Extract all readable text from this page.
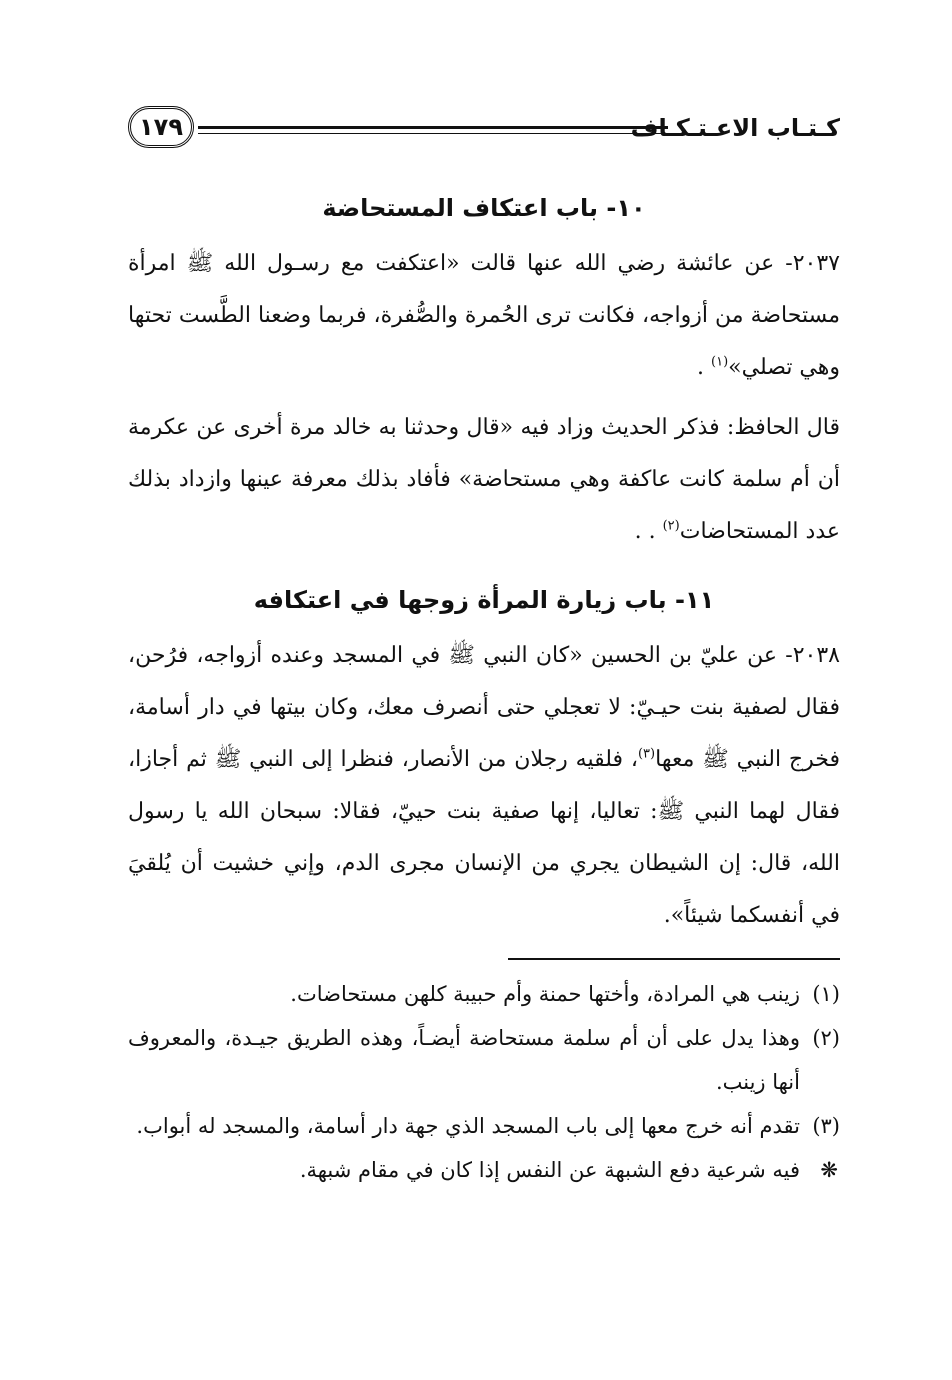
كـتـاب الاعـتـكـاف
١٧٩
١٠- باب اعتكاف المستحاضة

٢٠٣٧- عن عائشة رضي الله عنها قالت «اعتكفت مع رسـول الله ﷺ امرأة مستحاضة من أزواجه، فكانت ترى الحُمرة والصُّفرة، فربما وضعنا الطَّست تحتها وهي تصلي»$^{(١)}$ .

قال الحافظ: فذكر الحديث وزاد فيه «قال وحدثنا به خالد مرة أخرى عن عكرمة أن أم سلمة كانت عاكفة وهي مستحاضة» فأفاد بذلك معرفة عينها وازداد بذلك عدد المستحاضات$^{(٢)}$ . .

١١- باب زيارة المرأة زوجها في اعتكافه

٢٠٣٨- عن عليّ بن الحسين «كان النبي ﷺ في المسجد وعنده أزواجه، فرُحن، فقال لصفية بنت حيـيّ: لا تعجلي حتى أنصرف معك، وكان بيتها في دار أسامة، فخرج النبي ﷺ معها$^{(٣)}$، فلقيه رجلان من الأنصار، فنظرا إلى النبي ﷺ ثم أجازا، فقال لهما النبي ﷺ: تعاليا، إنها صفية بنت حييّ، فقالا: سبحان الله يا رسول الله، قال: إن الشيطان يجري من الإنسان مجرى الدم، وإني خشيت أن يُلقيَ في أنفسكما شيئاً».

(١)
زينب هي المرادة، وأختها حمنة وأم حبيبة كلهن مستحاضات.

(٢)
وهذا يدل على أن أم سلمة مستحاضة أيضـاً، وهذه الطريق جيـدة، والمعروف أنها زينب.

(٣)
تقدم أنه خرج معها إلى باب المسجد الذي جهة دار أسامة، والمسجد له أبواب.

❋
فيه شرعية دفع الشبهة عن النفس إذا كان في مقام شبهة.
